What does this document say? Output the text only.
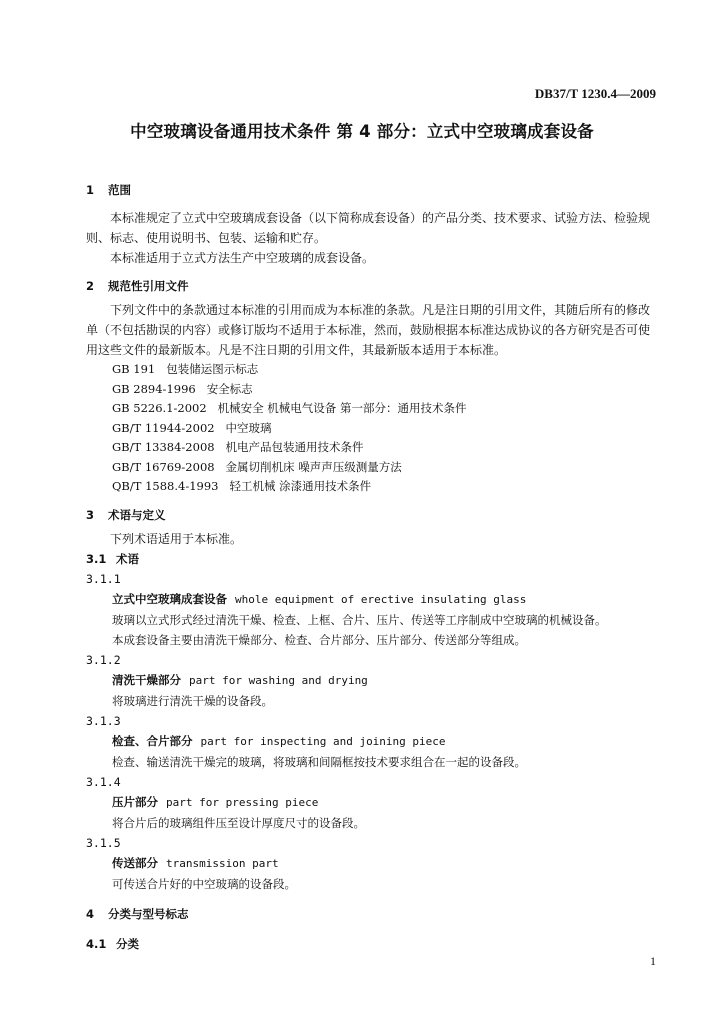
DB37/T 1230.4—2009
中空玻璃设备通用技术条件 第 4 部分：立式中空玻璃成套设备
1 范围
本标准规定了立式中空玻璃成套设备（以下简称成套设备）的产品分类、技术要求、试验方法、检验规则、标志、使用说明书、包装、运输和贮存。
本标准适用于立式方法生产中空玻璃的成套设备。
2 规范性引用文件
下列文件中的条款通过本标准的引用而成为本标准的条款。凡是注日期的引用文件，其随后所有的修改单（不包括勘误的内容）或修订版均不适用于本标准，然而，鼓励根据本标准达成协议的各方研究是否可使用这些文件的最新版本。凡是不注日期的引用文件，其最新版本适用于本标准。
GB 191 包装储运图示标志
GB 2894-1996 安全标志
GB 5226.1-2002 机械安全 机械电气设备 第一部分：通用技术条件
GB/T 11944-2002 中空玻璃
GB/T 13384-2008 机电产品包装通用技术条件
GB/T 16769-2008 金属切削机床 噪声声压级测量方法
QB/T 1588.4-1993 轻工机械 涂漆通用技术条件
3 术语与定义
下列术语适用于本标准。
3.1 术语
3.1.1
立式中空玻璃成套设备 whole equipment of erective insulating glass
玻璃以立式形式经过清洗干燥、检查、上框、合片、压片、传送等工序制成中空玻璃的机械设备。
本成套设备主要由清洗干燥部分、检查、合片部分、压片部分、传送部分等组成。
3.1.2
清洗干燥部分 part for washing and drying
将玻璃进行清洗干燥的设备段。
3.1.3
检查、合片部分 part for inspecting and joining piece
检查、输送清洗干燥完的玻璃，将玻璃和间隔框按技术要求组合在一起的设备段。
3.1.4
压片部分 part for pressing piece
将合片后的玻璃组件压至设计厚度尺寸的设备段。
3.1.5
传送部分 transmission part
可传送合片好的中空玻璃的设备段。
4 分类与型号标志
4.1 分类
1
